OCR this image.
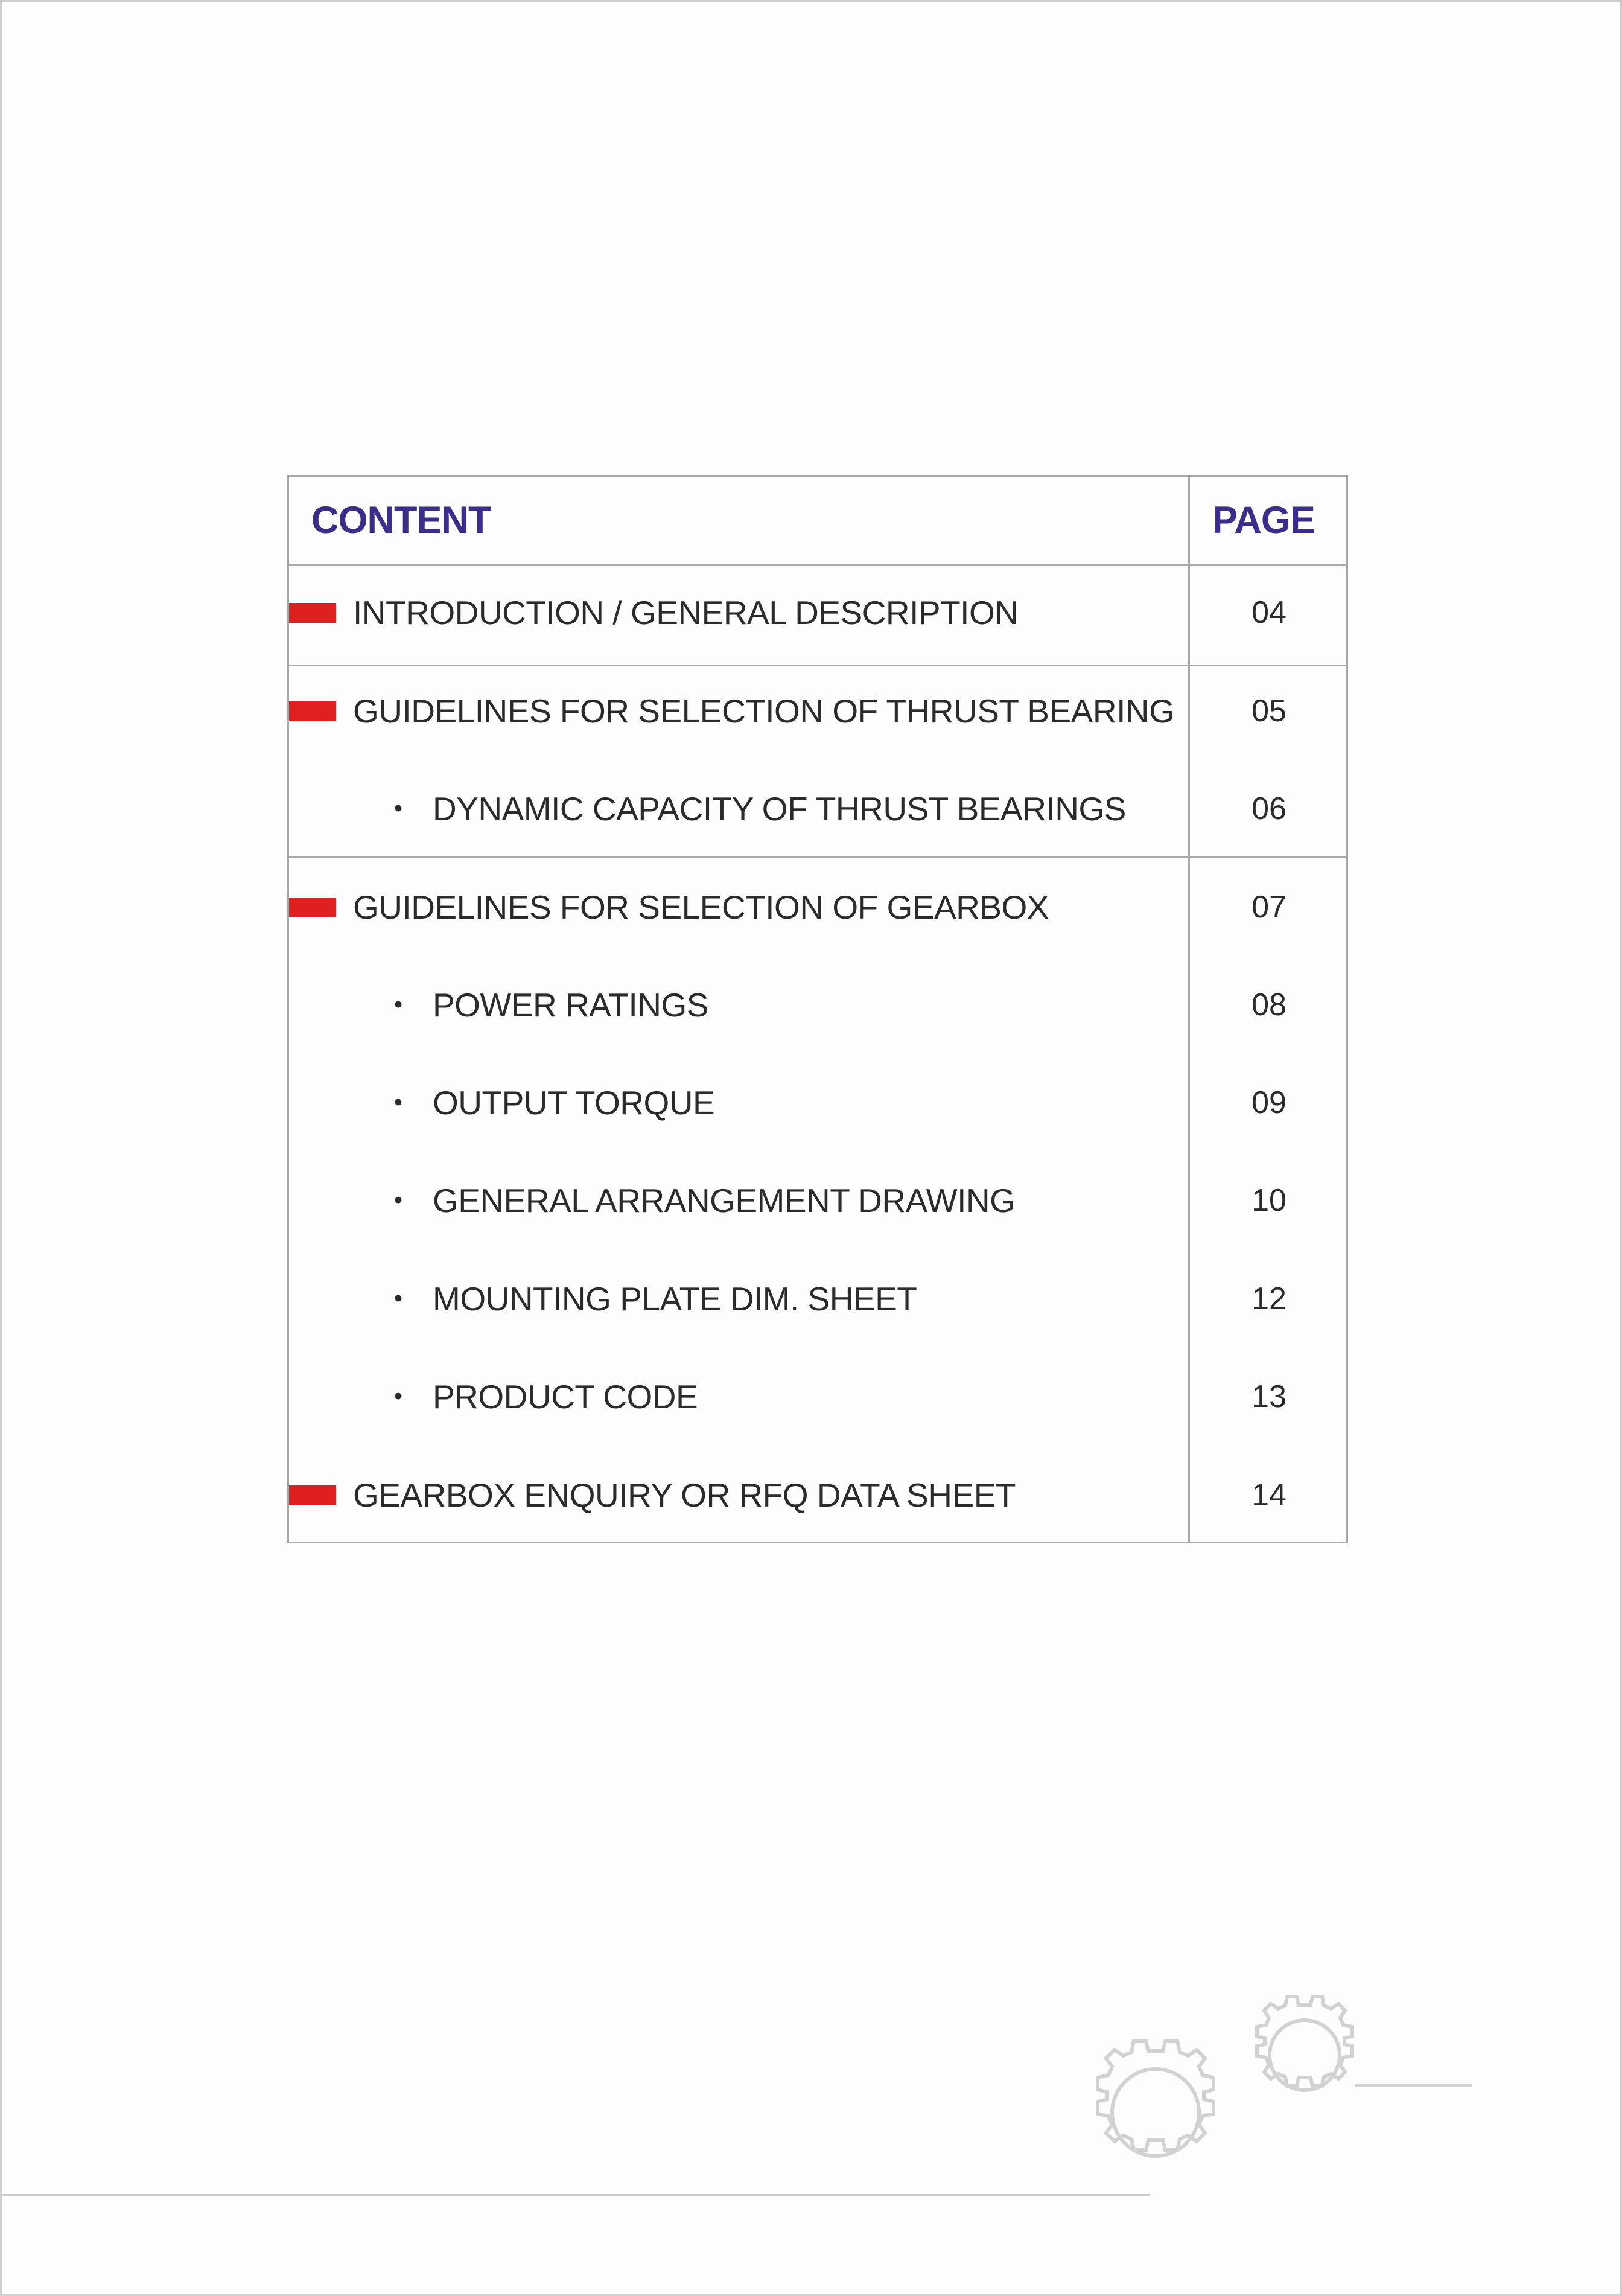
CONTENT	PAGE
INTRODUCTION / GENERAL DESCRIPTION	04
GUIDELINES FOR SELECTION OF THRUST BEARING	05
• DYNAMIC CAPACITY OF THRUST BEARINGS	06
GUIDELINES FOR SELECTION OF GEARBOX	07
• POWER RATINGS	08
• OUTPUT TORQUE	09
• GENERAL ARRANGEMENT DRAWING	10
• MOUNTING PLATE DIM. SHEET	12
• PRODUCT CODE	13
GEARBOX ENQUIRY OR RFQ DATA SHEET	14
